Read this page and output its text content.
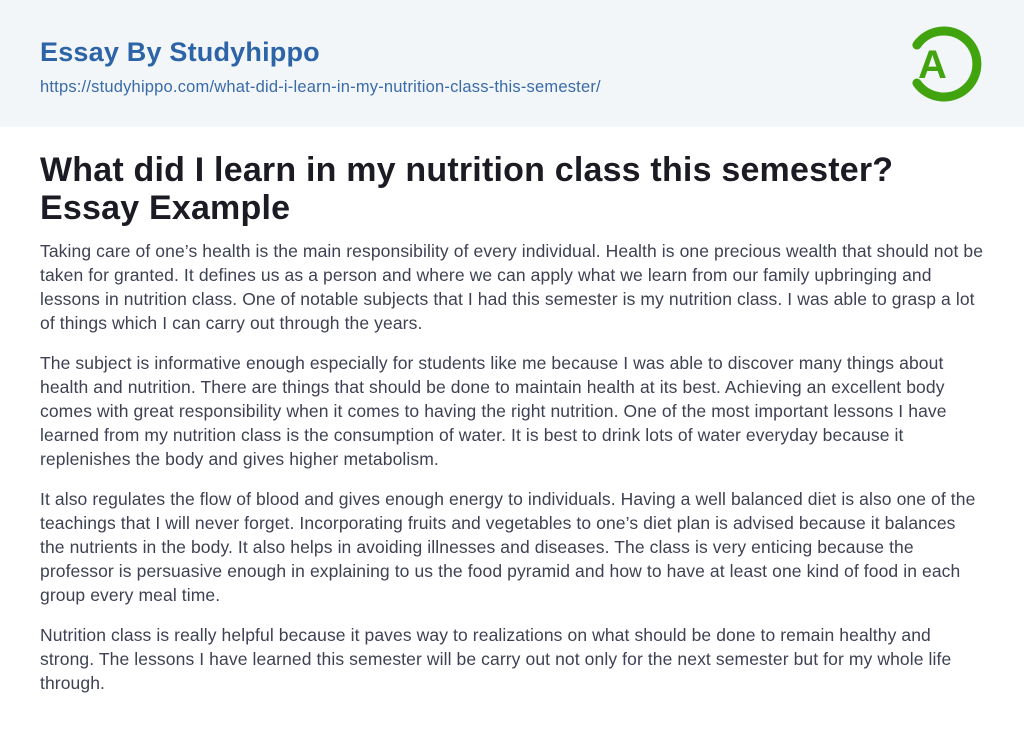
Essay By Studyhippo
https://studyhippo.com/what-did-i-learn-in-my-nutrition-class-this-semester/	A
What did I learn in my nutrition class this semester? Essay Example

Taking care of one’s health is the main responsibility of every individual. Health is one precious wealth that should not be taken for granted. It defines us as a person and where we can apply what we learn from our family upbringing and lessons in nutrition class. One of notable subjects that I had this semester is my nutrition class. I was able to grasp a lot of things which I can carry out through the years.

The subject is informative enough especially for students like me because I was able to discover many things about health and nutrition. There are things that should be done to maintain health at its best. Achieving an excellent body comes with great responsibility when it comes to having the right nutrition. One of the most important lessons I have learned from my nutrition class is the consumption of water. It is best to drink lots of water everyday because it replenishes the body and gives higher metabolism.

It also regulates the flow of blood and gives enough energy to individuals. Having a well balanced diet is also one of the teachings that I will never forget. Incorporating fruits and vegetables to one’s diet plan is advised because it balances the nutrients in the body. It also helps in avoiding illnesses and diseases. The class is very enticing because the professor is persuasive enough in explaining to us the food pyramid and how to have at least one kind of food in each group every meal time.

Nutrition class is really helpful because it paves way to realizations on what should be done to remain healthy and strong. The lessons I have learned this semester will be carry out not only for the next semester but for my whole life through.
